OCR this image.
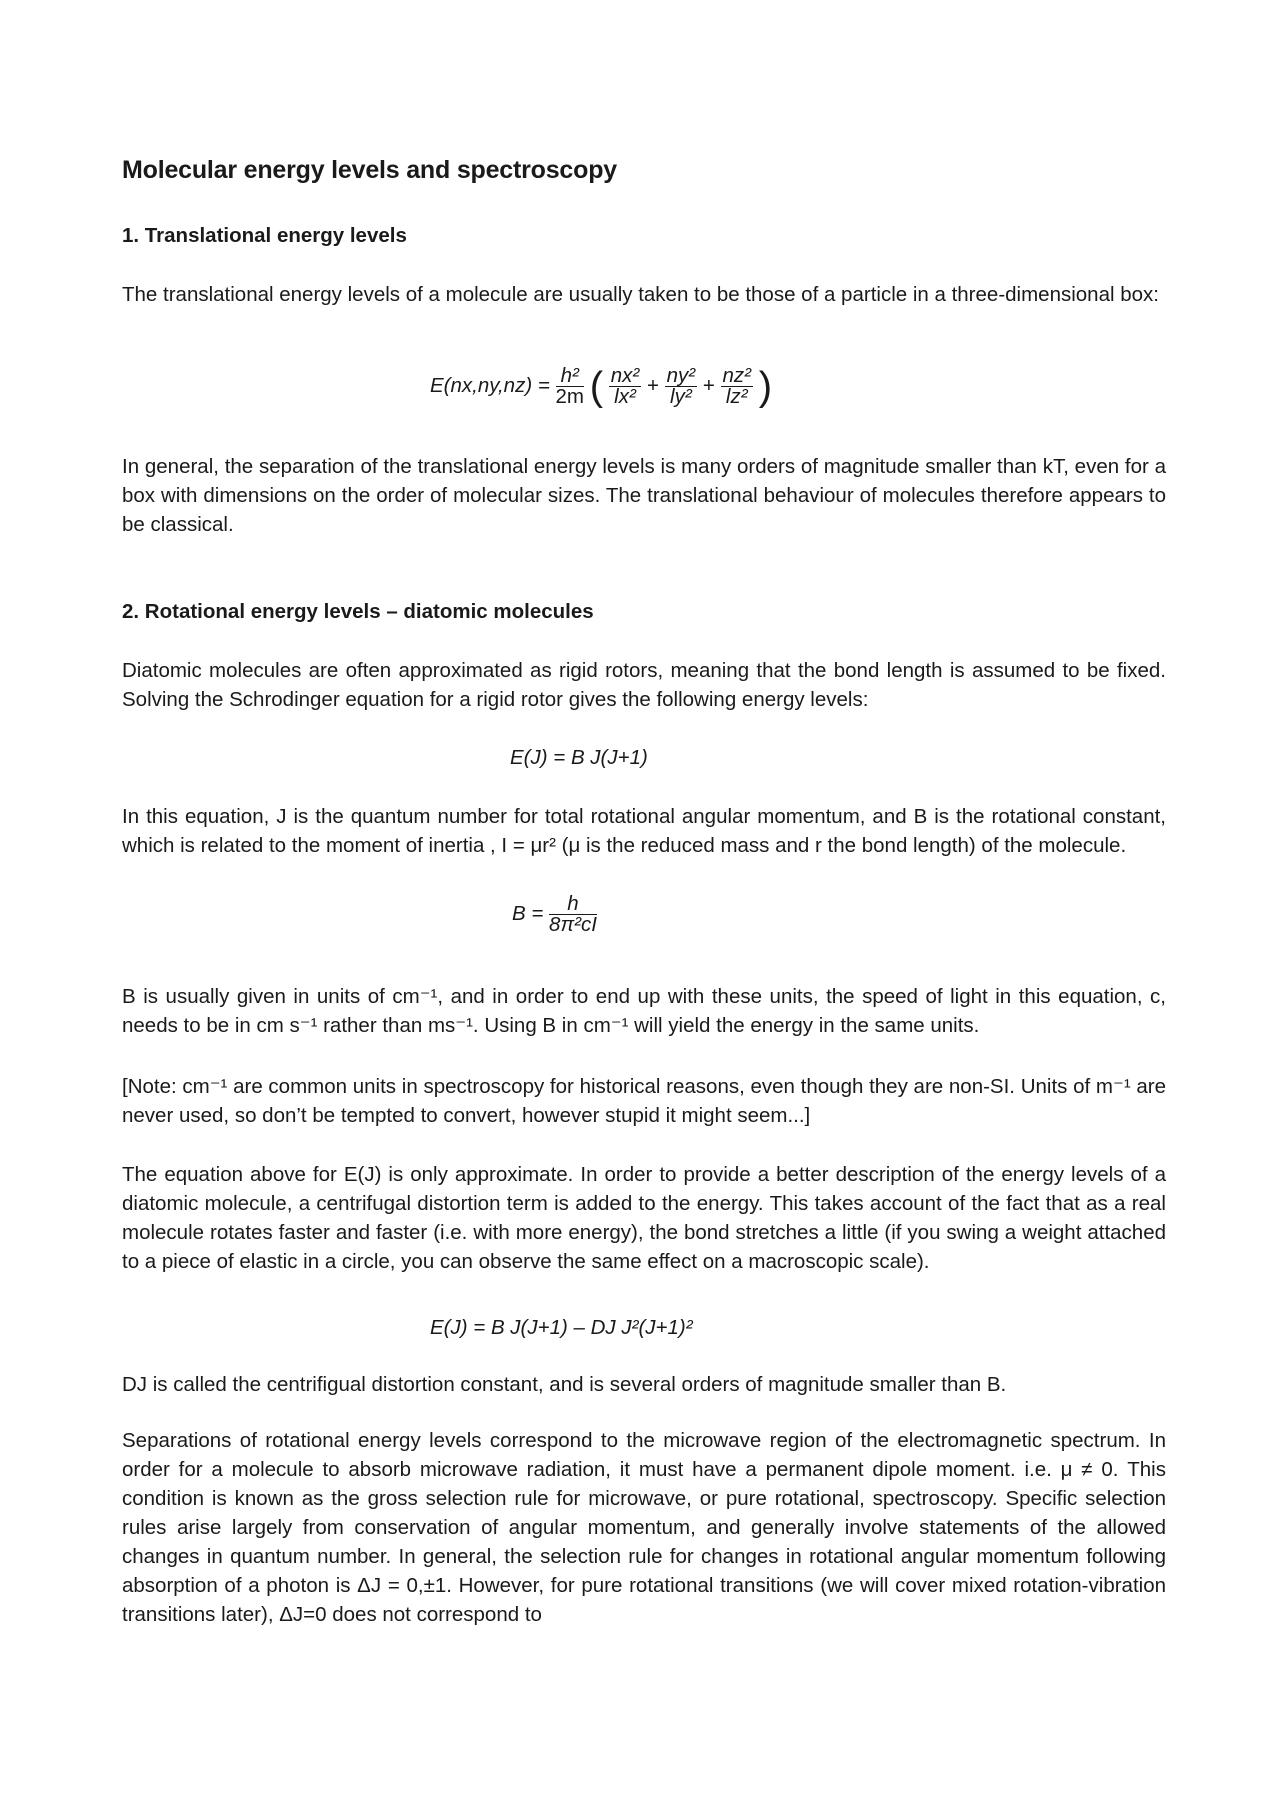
Molecular energy levels and spectroscopy
1. Translational energy levels
The translational energy levels of a molecule are usually taken to be those of a particle in a three-dimensional box:
$E(nx,ny,nz) = \frac{\text{h²}}{2m}$ ( $\frac{\text{nx²}}{\text{lx²}} + \frac{\text{ny²}}{\text{ly²}} + \frac{\text{nz²}}{\text{lz²}}$ )
In general, the separation of the translational energy levels is many orders of magnitude smaller than kT, even for a box with dimensions on the order of molecular sizes. The translational behaviour of molecules therefore appears to be classical.
2. Rotational energy levels – diatomic molecules
Diatomic molecules are often approximated as rigid rotors, meaning that the bond length is assumed to be fixed. Solving the Schrodinger equation for a rigid rotor gives the following energy levels:
E(J) = B J(J+1)
In this equation, J is the quantum number for total rotational angular momentum, and B is the rotational constant, which is related to the moment of inertia , I = μr² (μ is the reduced mass and r the bond length) of the molecule.
$B = \frac{h}{\text{8π²cI}}$
B is usually given in units of cm⁻¹, and in order to end up with these units, the speed of light in this equation, c, needs to be in cm s⁻¹ rather than ms⁻¹. Using B in cm⁻¹ will yield the energy in the same units.
[Note: cm⁻¹ are common units in spectroscopy for historical reasons, even though they are non-SI. Units of m⁻¹ are never used, so don’t be tempted to convert, however stupid it might seem...]
The equation above for E(J) is only approximate. In order to provide a better description of the energy levels of a diatomic molecule, a centrifugal distortion term is added to the energy. This takes account of the fact that as a real molecule rotates faster and faster (i.e. with more energy), the bond stretches a little (if you swing a weight attached to a piece of elastic in a circle, you can observe the same effect on a macroscopic scale).
E(J) = B J(J+1) – DJ J²(J+1)²
DJ is called the centrifigual distortion constant, and is several orders of magnitude smaller than B.
Separations of rotational energy levels correspond to the microwave region of the electromagnetic spectrum. In order for a molecule to absorb microwave radiation, it must have a permanent dipole moment. i.e. μ ≠ 0. This condition is known as the gross selection rule for microwave, or pure rotational, spectroscopy. Specific selection rules arise largely from conservation of angular momentum, and generally involve statements of the allowed changes in quantum number. In general, the selection rule for changes in rotational angular momentum following absorption of a photon is ΔJ = 0,±1. However, for pure rotational transitions (we will cover mixed rotation-vibration transitions later), ΔJ=0 does not correspond to
